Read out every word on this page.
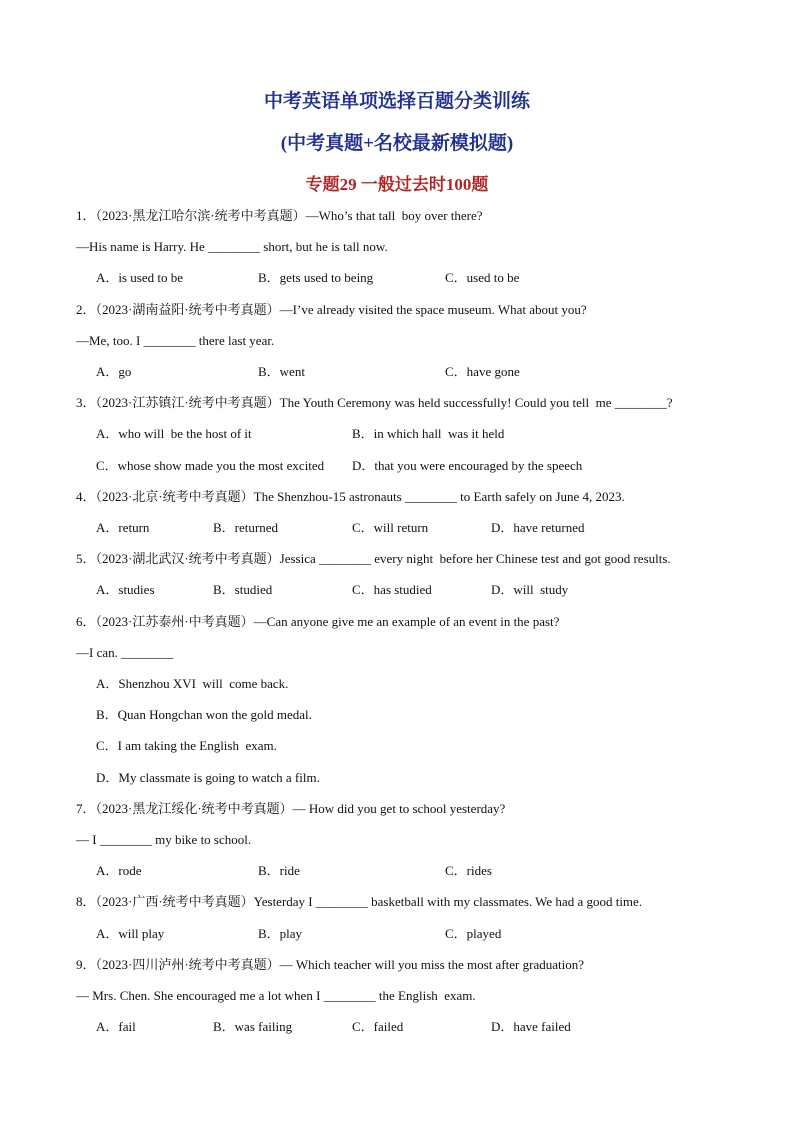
中考英语单项选择百题分类训练
(中考真题+名校最新模拟题)
专题29 一般过去时100题
1．（2023·黑龙江哈尔滨·统考中考真题）—Who’s that tall  boy over there?
—His name is Harry. He ________ short, but he is tall now.
A．is used to be	B．gets used to being	C．used to be
2．（2023·湖南益阳·统考中考真题）—I’ve already visited the space museum. What about you?
—Me, too. I ________ there last year.
A．go	B．went	C．have gone
3．（2023·江苏镇江·统考中考真题）The Youth Ceremony was held successfully! Could you tell  me ________?
A．who will  be the host of it	B．in which hall  was it held
C．whose show made you the most excited D．that you were encouraged by the speech
4．（2023·北京·统考中考真题）The Shenzhou-15 astronauts ________ to Earth safely on June 4, 2023.
A．return	B．returned	C．will return	D．have returned
5．（2023·湖北武汉·统考中考真题）Jessica ________ every night  before her Chinese test and got good results.
A．studies	B．studied	C．has studied	D．will  study
6．（2023·江苏泰州·中考真题）—Can anyone give me an example of an event in the past?
—I can. ________
A．Shenzhou XVI  will  come back.
B．Quan Hongchan won the gold medal.
C．I am taking the English  exam.
D．My classmate is going to watch a film.
7．（2023·黑龙江绥化·统考中考真题）— How did you get to school yesterday?
— I ________ my bike to school.
A．rode	B．ride	C．rides
8．（2023·广西·统考中考真题）Yesterday I ________ basketball with my classmates. We had a good time.
A．will play	B．play	C．played
9．（2023·四川泸州·统考中考真题）— Which teacher will you miss the most after graduation?
— Mrs. Chen. She encouraged me a lot when I ________ the English  exam.
A．fail	B．was failing	C．failed	D．have failed
